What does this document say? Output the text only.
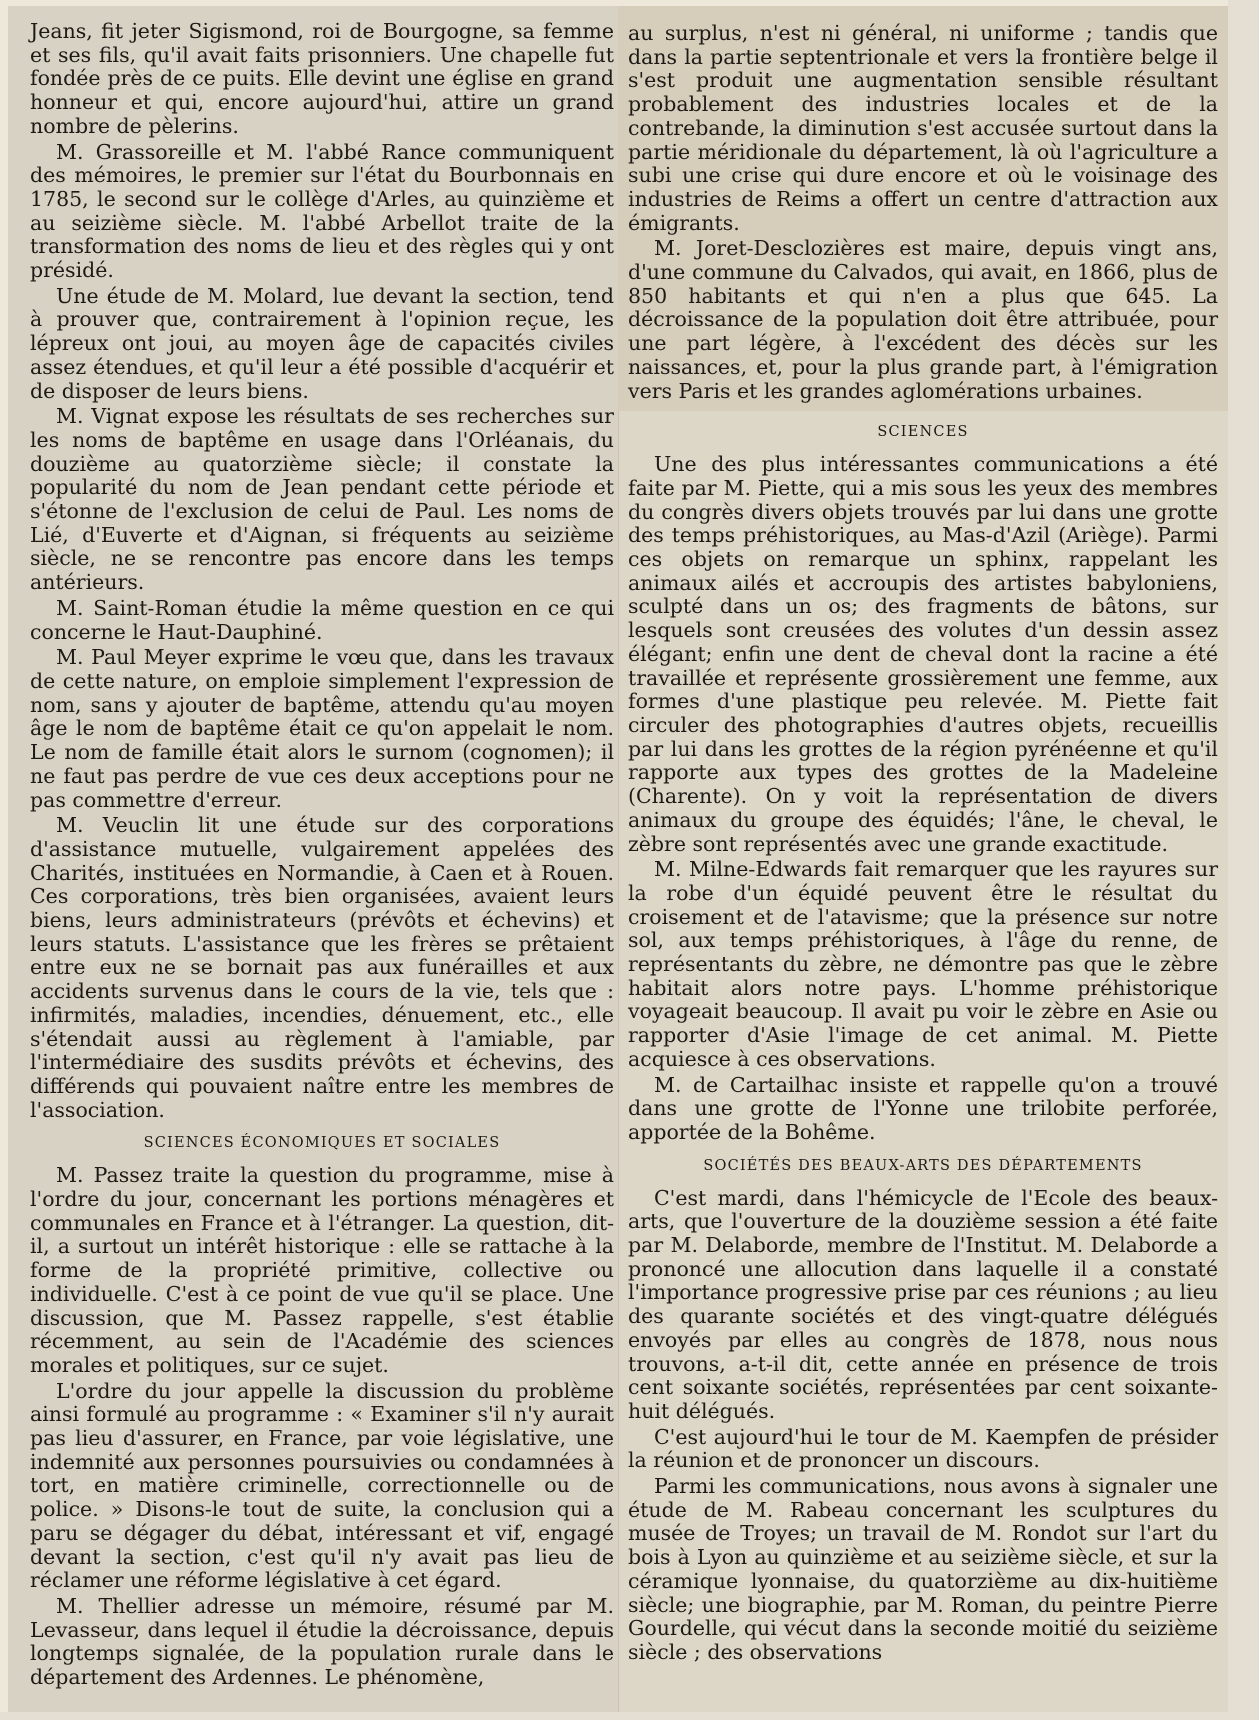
Jeans, fit jeter Sigismond, roi de Bourgogne, sa femme et ses fils, qu'il avait faits prisonniers. Une chapelle fut fondée près de ce puits. Elle devint une église en grand honneur et qui, encore aujourd'hui, attire un grand nombre de pèlerins.

M. Grassoreille et M. l'abbé Rance communiquent des mémoires, le premier sur l'état du Bourbonnais en 1785, le second sur le collège d'Arles, au quinzième et au seizième siècle. M. l'abbé Arbellot traite de la transformation des noms de lieu et des règles qui y ont présidé.

Une étude de M. Molard, lue devant la section, tend à prouver que, contrairement à l'opinion reçue, les lépreux ont joui, au moyen âge de capacités civiles assez étendues, et qu'il leur a été possible d'acquérir et de disposer de leurs biens.

M. Vignat expose les résultats de ses recherches sur les noms de baptême en usage dans l'Orléanais, du douzième au quatorzième siècle; il constate la popularité du nom de Jean pendant cette période et s'étonne de l'exclusion de celui de Paul. Les noms de Lié, d'Euverte et d'Aignan, si fréquents au seizième siècle, ne se rencontre pas encore dans les temps antérieurs.

M. Saint-Roman étudie la même question en ce qui concerne le Haut-Dauphiné.

M. Paul Meyer exprime le vœu que, dans les travaux de cette nature, on emploie simplement l'expression de nom, sans y ajouter de baptême, attendu qu'au moyen âge le nom de baptême était ce qu'on appelait le nom. Le nom de famille était alors le surnom (cognomen); il ne faut pas perdre de vue ces deux acceptions pour ne pas commettre d'erreur.

M. Veuclin lit une étude sur des corporations d'assistance mutuelle, vulgairement appelées des Charités, instituées en Normandie, à Caen et à Rouen. Ces corporations, très bien organisées, avaient leurs biens, leurs administrateurs (prévôts et échevins) et leurs statuts. L'assistance que les frères se prêtaient entre eux ne se bornait pas aux funérailles et aux accidents survenus dans le cours de la vie, tels que : infirmités, maladies, incendies, dénuement, etc., elle s'étendait aussi au règlement à l'amiable, par l'intermédiaire des susdits prévôts et échevins, des différends qui pouvaient naître entre les membres de l'association.

SCIENCES ÉCONOMIQUES ET SOCIALES

M. Passez traite la question du programme, mise à l'ordre du jour, concernant les portions ménagères et communales en France et à l'étranger. La question, dit-il, a surtout un intérêt historique : elle se rattache à la forme de la propriété primitive, collective ou individuelle. C'est à ce point de vue qu'il se place. Une discussion, que M. Passez rappelle, s'est établie récemment, au sein de l'Académie des sciences morales et politiques, sur ce sujet.

L'ordre du jour appelle la discussion du problème ainsi formulé au programme : « Examiner s'il n'y aurait pas lieu d'assurer, en France, par voie législative, une indemnité aux personnes poursuivies ou condamnées à tort, en matière criminelle, correctionnelle ou de police. » Disons-le tout de suite, la conclusion qui a paru se dégager du débat, intéressant et vif, engagé devant la section, c'est qu'il n'y avait pas lieu de réclamer une réforme législative à cet égard.

M. Thellier adresse un mémoire, résumé par M. Levasseur, dans lequel il étudie la décroissance, depuis longtemps signalée, de la population rurale dans le département des Ardennes. Le phénomène,

au surplus, n'est ni général, ni uniforme ; tandis que dans la partie septentrionale et vers la frontière belge il s'est produit une augmentation sensible résultant probablement des industries locales et de la contrebande, la diminution s'est accusée surtout dans la partie méridionale du département, là où l'agriculture a subi une crise qui dure encore et où le voisinage des industries de Reims a offert un centre d'attraction aux émigrants.

M. Joret-Desclozières est maire, depuis vingt ans, d'une commune du Calvados, qui avait, en 1866, plus de 850 habitants et qui n'en a plus que 645. La décroissance de la population doit être attribuée, pour une part légère, à l'excédent des décès sur les naissances, et, pour la plus grande part, à l'émigration vers Paris et les grandes aglomérations urbaines.

SCIENCES

Une des plus intéressantes communications a été faite par M. Piette, qui a mis sous les yeux des membres du congrès divers objets trouvés par lui dans une grotte des temps préhistoriques, au Mas-d'Azil (Ariège). Parmi ces objets on remarque un sphinx, rappelant les animaux ailés et accroupis des artistes babyloniens, sculpté dans un os; des fragments de bâtons, sur lesquels sont creusées des volutes d'un dessin assez élégant; enfin une dent de cheval dont la racine a été travaillée et représente grossièrement une femme, aux formes d'une plastique peu relevée. M. Piette fait circuler des photographies d'autres objets, recueillis par lui dans les grottes de la région pyrénéenne et qu'il rapporte aux types des grottes de la Madeleine (Charente). On y voit la représentation de divers animaux du groupe des équidés; l'âne, le cheval, le zèbre sont représentés avec une grande exactitude.

M. Milne-Edwards fait remarquer que les rayures sur la robe d'un équidé peuvent être le résultat du croisement et de l'atavisme; que la présence sur notre sol, aux temps préhistoriques, à l'âge du renne, de représentants du zèbre, ne démontre pas que le zèbre habitait alors notre pays. L'homme préhistorique voyageait beaucoup. Il avait pu voir le zèbre en Asie ou rapporter d'Asie l'image de cet animal. M. Piette acquiesce à ces observations.

M. de Cartailhac insiste et rappelle qu'on a trouvé dans une grotte de l'Yonne une trilobite perforée, apportée de la Bohême.

SOCIÉTÉS DES BEAUX-ARTS DES DÉPARTEMENTS

C'est mardi, dans l'hémicycle de l'Ecole des beaux-arts, que l'ouverture de la douzième session a été faite par M. Delaborde, membre de l'Institut. M. Delaborde a prononcé une allocution dans laquelle il a constaté l'importance progressive prise par ces réunions ; au lieu des quarante sociétés et des vingt-quatre délégués envoyés par elles au congrès de 1878, nous nous trouvons, a-t-il dit, cette année en présence de trois cent soixante sociétés, représentées par cent soixante-huit délégués.

C'est aujourd'hui le tour de M. Kaempfen de présider la réunion et de prononcer un discours.

Parmi les communications, nous avons à signaler une étude de M. Rabeau concernant les sculptures du musée de Troyes; un travail de M. Rondot sur l'art du bois à Lyon au quinzième et au seizième siècle, et sur la céramique lyonnaise, du quatorzième au dix-huitième siècle; une biographie, par M. Roman, du peintre Pierre Gourdelle, qui vécut dans la seconde moitié du seizième siècle ; des observations
